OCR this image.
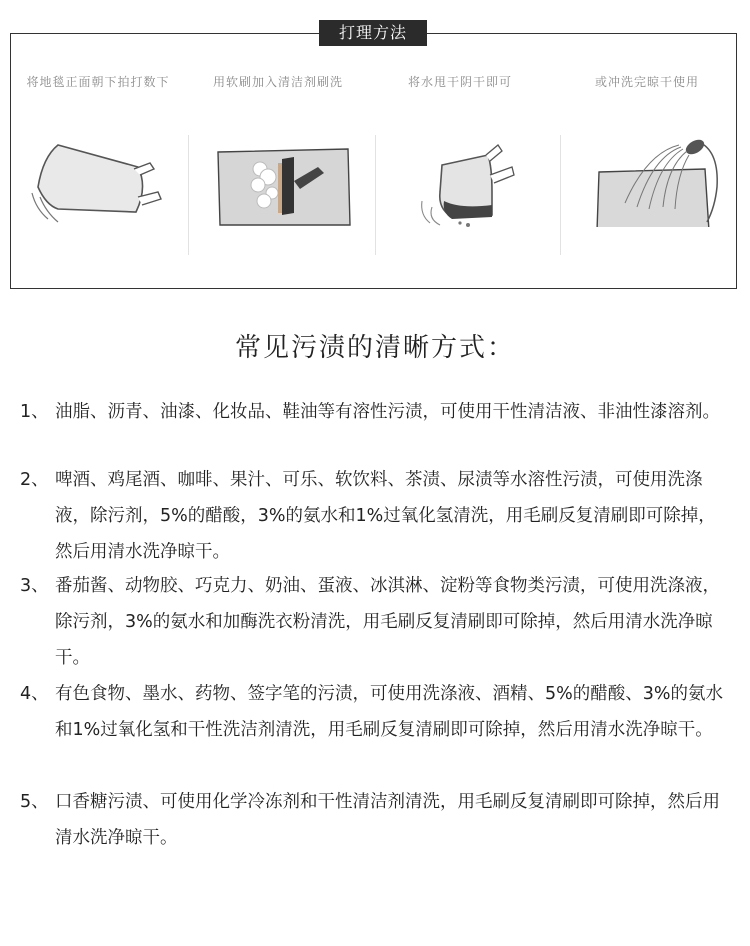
打理方法
将地毯正面朝下拍打数下	用软刷加入清洁剂刷洗	将水甩干阴干即可	或冲洗完晾干使用
常见污渍的清晰方式：
1、 油脂、沥青、油漆、化妆品、鞋油等有溶性污渍，可使用干性清洁液、非油性漆溶剂。
2、 啤酒、鸡尾酒、咖啡、果汁、可乐、软饮料、茶渍、尿渍等水溶性污渍，可使用洗涤液，除污剂，5%的醋酸，3%的氨水和1%过氧化氢清洗，用毛刷反复清刷即可除掉，然后用清水洗净晾干。
3、 番茄酱、动物胶、巧克力、奶油、蛋液、冰淇淋、淀粉等食物类污渍，可使用洗涤液，除污剂，3%的氨水和加酶洗衣粉清洗，用毛刷反复清刷即可除掉，然后用清水洗净晾干。
4、 有色食物、墨水、药物、签字笔的污渍，可使用洗涤液、酒精、5%的醋酸、3%的氨水和1%过氧化氢和干性洗洁剂清洗，用毛刷反复清刷即可除掉，然后用清水洗净晾干。
5、 口香糖污渍、可使用化学冷冻剂和干性清洁剂清洗，用毛刷反复清刷即可除掉，然后用清水洗净晾干。
